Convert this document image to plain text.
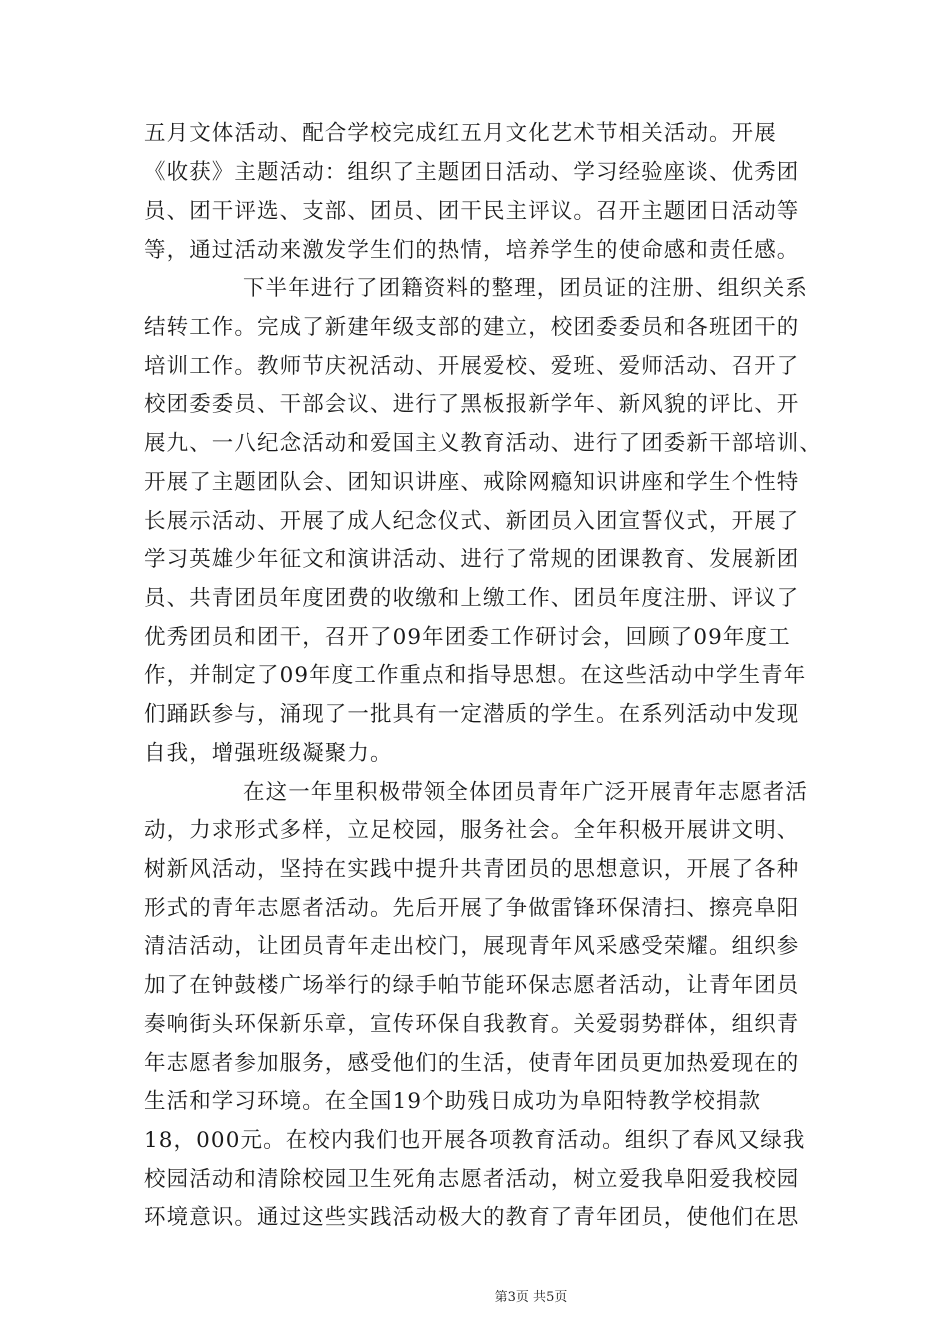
五月文体活动、配合学校完成红五月文化艺术节相关活动。开展
《收获》主题活动：组织了主题团日活动、学习经验座谈、优秀团
员、团干评选、支部、团员、团干民主评议。召开主题团日活动等
等，通过活动来激发学生们的热情，培养学生的使命感和责任感。
下半年进行了团籍资料的整理，团员证的注册、组织关系
结转工作。完成了新建年级支部的建立，校团委委员和各班团干的
培训工作。教师节庆祝活动、开展爱校、爱班、爱师活动、召开了
校团委委员、干部会议、进行了黑板报新学年、新风貌的评比、开
展九、一八纪念活动和爱国主义教育活动、进行了团委新干部培训、
开展了主题团队会、团知识讲座、戒除网瘾知识讲座和学生个性特
长展示活动、开展了成人纪念仪式、新团员入团宣誓仪式，开展了
学习英雄少年征文和演讲活动、进行了常规的团课教育、发展新团
员、共青团员年度团费的收缴和上缴工作、团员年度注册、评议了
优秀团员和团干，召开了09年团委工作研讨会，回顾了09年度工
作，并制定了09年度工作重点和指导思想。在这些活动中学生青年
们踊跃参与，涌现了一批具有一定潜质的学生。在系列活动中发现
自我，增强班级凝聚力。
在这一年里积极带领全体团员青年广泛开展青年志愿者活
动，力求形式多样，立足校园，服务社会。全年积极开展讲文明、
树新风活动，坚持在实践中提升共青团员的思想意识，开展了各种
形式的青年志愿者活动。先后开展了争做雷锋环保清扫、擦亮阜阳
清洁活动，让团员青年走出校门，展现青年风采感受荣耀。组织参
加了在钟鼓楼广场举行的绿手帕节能环保志愿者活动，让青年团员
奏响街头环保新乐章，宣传环保自我教育。关爱弱势群体，组织青
年志愿者参加服务，感受他们的生活，使青年团员更加热爱现在的
生活和学习环境。在全国19个助残日成功为阜阳特教学校捐款
18，000元。在校内我们也开展各项教育活动。组织了春风又绿我
校园活动和清除校园卫生死角志愿者活动，树立爱我阜阳爱我校园
环境意识。通过这些实践活动极大的教育了青年团员，使他们在思
第3页 共5页
